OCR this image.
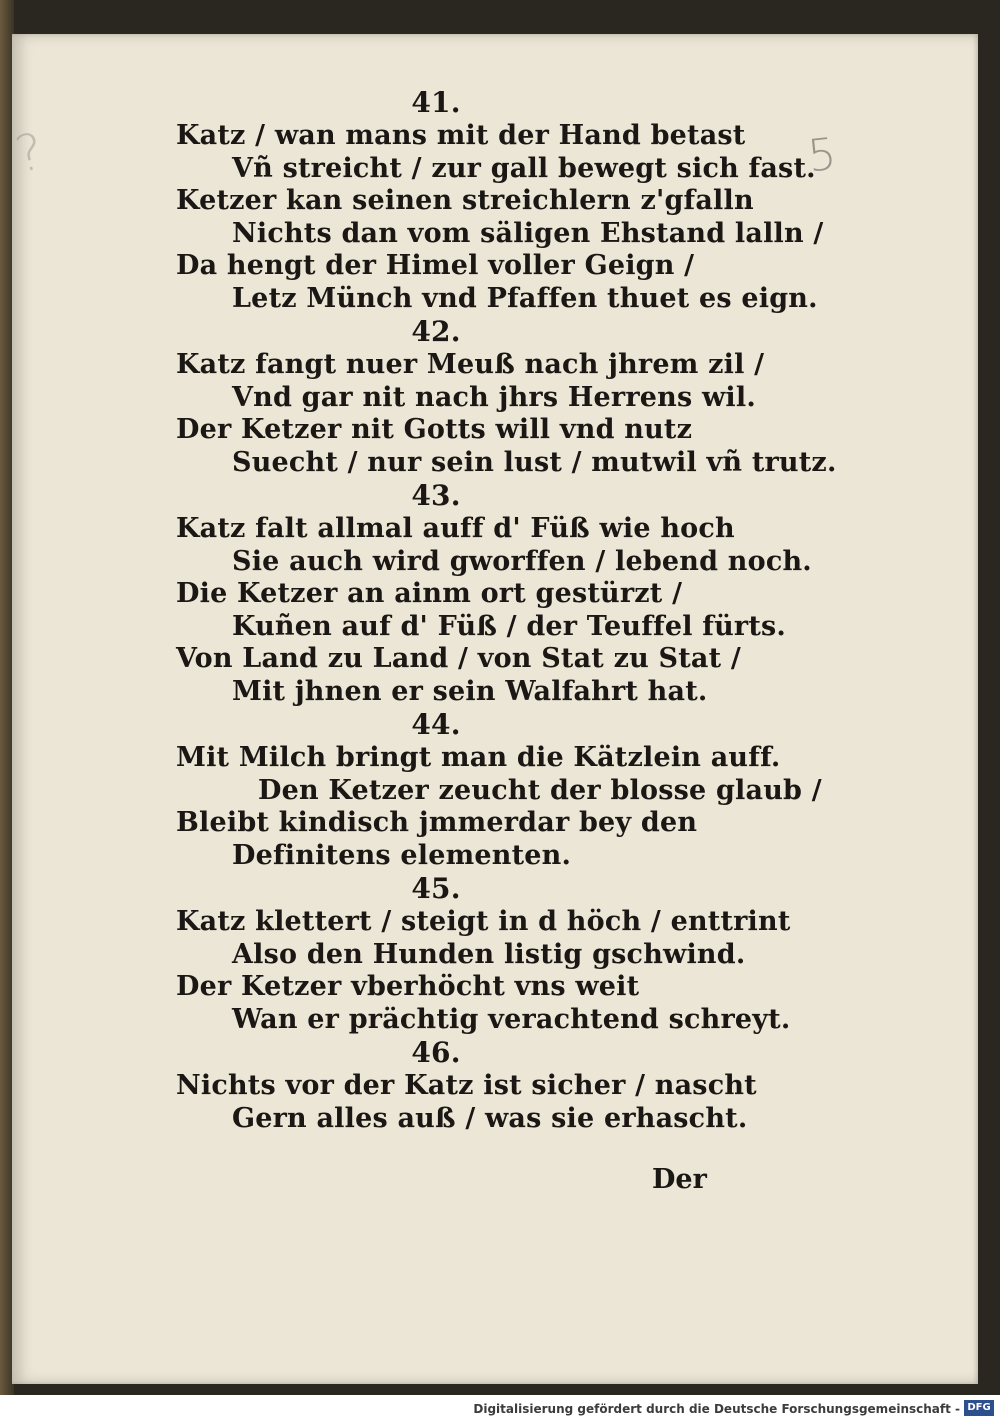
?	5
41.
Katz / wan mans mit der Hand betast
Vñ streicht / zur gall bewegt sich fast.
Ketzer kan seinen streichlern z'gfalln
Nichts dan vom säligen Ehstand lalln /
Da hengt der Himel voller Geign /
Letz Münch vnd Pfaffen thuet es eign.
42.
Katz fangt nuer Meuß nach jhrem zil /
Vnd gar nit nach jhrs Herrens wil.
Der Ketzer nit Gotts will vnd nutz
Suecht / nur sein lust / mutwil vñ trutz.
43.
Katz falt allmal auff d' Füß wie hoch
Sie auch wird gworffen / lebend noch.
Die Ketzer an ainm ort gestürzt /
Kuñen auf d' Füß / der Teuffel fürts.
Von Land zu Land / von Stat zu Stat /
Mit jhnen er sein Walfahrt hat.
44.
Mit Milch bringt man die Kätzlein auff.
Den Ketzer zeucht der blosse glaub /
Bleibt kindisch jmmerdar bey den
Definitens elementen.
45.
Katz klettert / steigt in d höch / enttrint
Also den Hunden listig gschwind.
Der Ketzer vberhöcht vns weit
Wan er prächtig verachtend schreyt.
46.
Nichts vor der Katz ist sicher / nascht
Gern alles auß / was sie erhascht.
Der
Digitalisierung gefördert durch die Deutsche Forschungsgemeinschaft - DFG
